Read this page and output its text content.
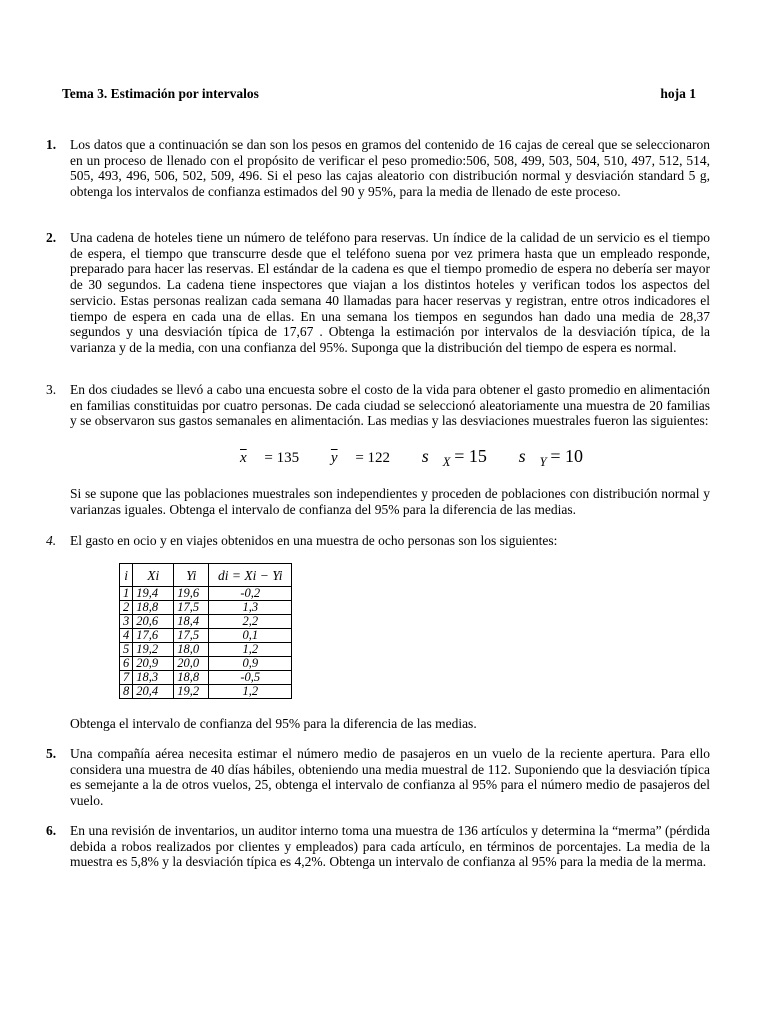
Tema 3. Estimación por intervalos	hoja 1
1.	Los datos que a continuación se dan son los pesos en gramos del contenido de 16 cajas de cereal que se seleccionaron en un proceso de llenado con el propósito de verificar el peso promedio:506, 508, 499, 503, 504, 510, 497, 512, 514, 505, 493, 496, 506, 502, 509, 496. Si el peso las cajas aleatorio con distribución normal y desviación standard 5 g, obtenga los intervalos de confianza estimados del 90 y 95%, para la media de llenado de este proceso.
2.	Una cadena de hoteles tiene un número de teléfono para reservas. Un índice de la calidad de un servicio es el tiempo de espera, el tiempo que transcurre desde que el teléfono suena por vez primera hasta que un empleado responde, preparado para hacer las reservas. El estándar de la cadena es que el tiempo promedio de espera no debería ser mayor de 30 segundos. La cadena tiene inspectores que viajan a los distintos hoteles y verifican todos los aspectos del servicio. Estas personas realizan cada semana 40 llamadas para hacer reservas y registran, entre otros indicadores el tiempo de espera en cada una de ellas. En una semana los tiempos en segundos han dado una media de 28,37 segundos y una desviación típica de 17,67 . Obtenga la estimación por intervalos de la desviación típica, de la varianza y de la media, con una confianza del 95%. Suponga que la distribución del tiempo de espera es normal.
3.	En dos ciudades se llevó a cabo una encuesta sobre el costo de la vida para obtener el gasto promedio en alimentación en familias constituidas por cuatro personas. De cada ciudad se seleccionó aleatoriamente una muestra de 20 familias y se observaron sus gastos semanales en alimentación. Las medias y las desviaciones muestrales fueron las siguientes:
$\overline{x} = 135$ $\overline{y} = 122$ s $_X$ = 15 s $_Y$ = 10
Si se supone que las poblaciones muestrales son independientes y proceden de poblaciones con distribución normal y varianzas iguales. Obtenga el intervalo de confianza del 95% para la diferencia de las medias.
4.	El gasto en ocio y en viajes obtenidos en una muestra de ocho personas son los siguientes:
i	Xi	Yi	di = Xi − Yi
1	19,4	19,6	-0,2
2	18,8	17,5	1,3
3	20,6	18,4	2,2
4	17,6	17,5	0,1
5	19,2	18,0	1,2
6	20,9	20,0	0,9
7	18,3	18,8	-0,5
8	20,4	19,2	1,2
Obtenga el intervalo de confianza del 95% para la diferencia de las medias.
5.	Una compañía aérea necesita estimar el número medio de pasajeros en un vuelo de la reciente apertura. Para ello considera una muestra de 40 días hábiles, obteniendo una media muestral de 112. Suponiendo que la desviación típica es semejante a la de otros vuelos, 25, obtenga el intervalo de confianza al 95% para el número medio de pasajeros del vuelo.
6.	En una revisión de inventarios, un auditor interno toma una muestra de 136 artículos y determina la “merma” (pérdida debida a robos realizados por clientes y empleados) para cada artículo, en términos de porcentajes. La media de la muestra es 5,8% y la desviación típica es 4,2%. Obtenga un intervalo de confianza al 95% para la media de la merma.
